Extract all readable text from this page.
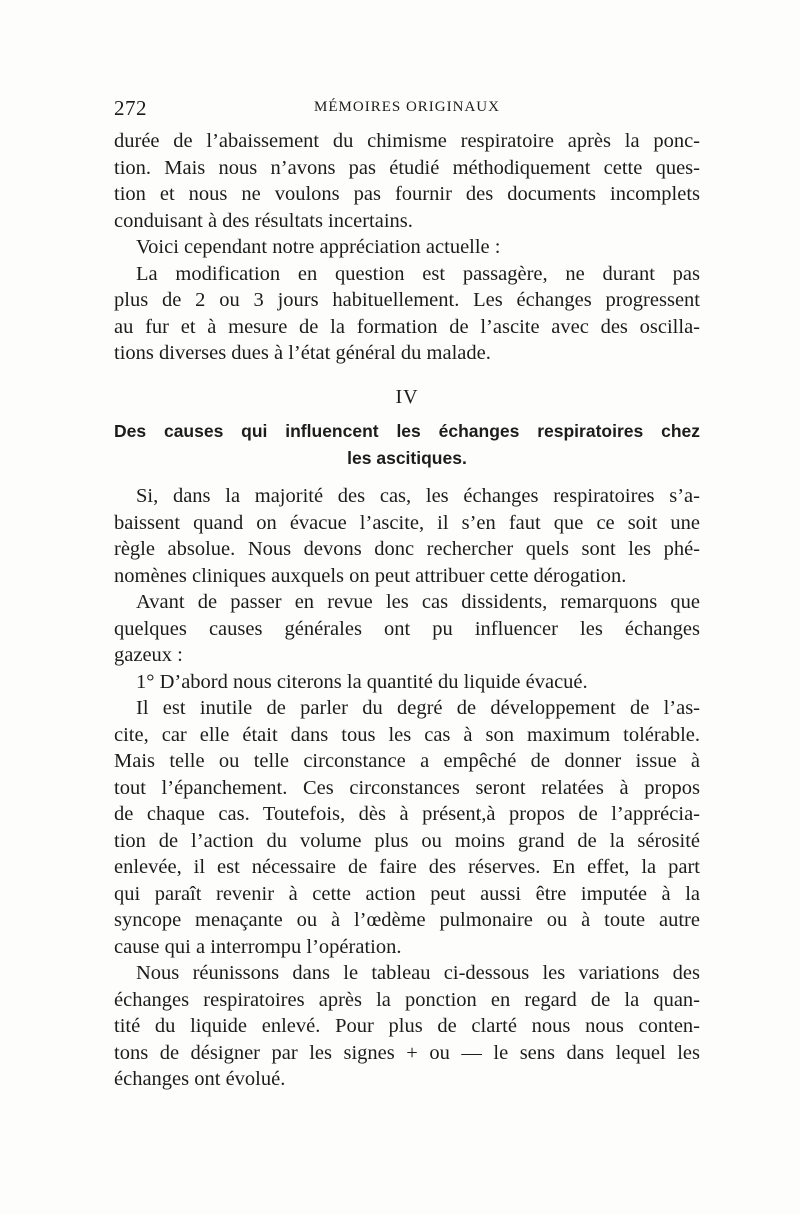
272	MÉMOIRES ORIGINAUX

durée de l’abaissement du chimisme respiratoire après la ponc-
tion. Mais nous n’avons pas étudié méthodiquement cette ques-
tion et nous ne voulons pas fournir des documents incomplets
conduisant à des résultats incertains.

Voici cependant notre appréciation actuelle :

La modification en question est passagère, ne durant pas
plus de 2 ou 3 jours habituellement. Les échanges progressent
au fur et à mesure de la formation de l’ascite avec des oscilla-
tions diverses dues à l’état général du malade.

IV
Des causes qui influencent les échanges respiratoires chez
les ascitiques.

Si, dans la majorité des cas, les échanges respiratoires s’a-
baissent quand on évacue l’ascite, il s’en faut que ce soit une
règle absolue. Nous devons donc rechercher quels sont les phé-
nomènes cliniques auxquels on peut attribuer cette dérogation.

Avant de passer en revue les cas dissidents, remarquons que
quelques causes générales ont pu influencer les échanges
gazeux :

1° D’abord nous citerons la quantité du liquide évacué.

Il est inutile de parler du degré de développement de l’as-
cite, car elle était dans tous les cas à son maximum tolérable.
Mais telle ou telle circonstance a empêché de donner issue à
tout l’épanchement. Ces circonstances seront relatées à propos
de chaque cas. Toutefois, dès à présent,à propos de l’apprécia-
tion de l’action du volume plus ou moins grand de la sérosité
enlevée, il est nécessaire de faire des réserves. En effet, la part
qui paraît revenir à cette action peut aussi être imputée à la
syncope menaçante ou à l’œdème pulmonaire ou à toute autre
cause qui a interrompu l’opération.

Nous réunissons dans le tableau ci-dessous les variations des
échanges respiratoires après la ponction en regard de la quan-
tité du liquide enlevé. Pour plus de clarté nous nous conten-
tons de désigner par les signes + ou — le sens dans lequel les
échanges ont évolué.
